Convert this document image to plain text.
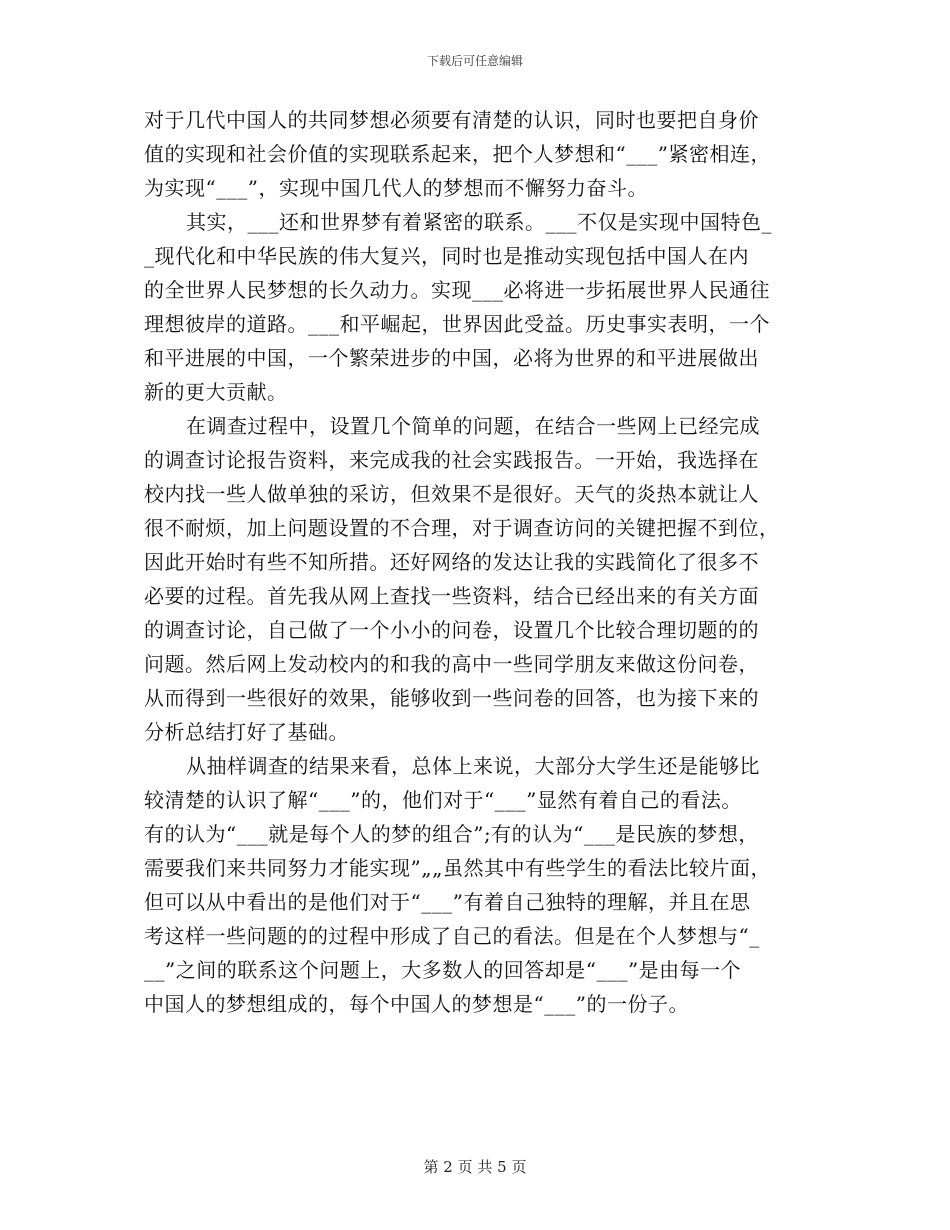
下载后可任意编辑
对于几代中国人的共同梦想必须要有清楚的认识，同时也要把自身价
值的实现和社会价值的实现联系起来，把个人梦想和“___”紧密相连，
为实现“___”，实现中国几代人的梦想而不懈努力奋斗。
其实，___还和世界梦有着紧密的联系。___不仅是实现中国特色_
_现代化和中华民族的伟大复兴，同时也是推动实现包括中国人在内
的全世界人民梦想的长久动力。实现___必将进一步拓展世界人民通往
理想彼岸的道路。___和平崛起，世界因此受益。历史事实表明，一个
和平进展的中国，一个繁荣进步的中国，必将为世界的和平进展做出
新的更大贡献。
在调查过程中，设置几个简单的问题，在结合一些网上已经完成
的调查讨论报告资料，来完成我的社会实践报告。一开始，我选择在
校内找一些人做单独的采访，但效果不是很好。天气的炎热本就让人
很不耐烦，加上问题设置的不合理，对于调查访问的关键把握不到位，
因此开始时有些不知所措。还好网络的发达让我的实践简化了很多不
必要的过程。首先我从网上查找一些资料，结合已经出来的有关方面
的调查讨论，自己做了一个小小的问卷，设置几个比较合理切题的的
问题。然后网上发动校内的和我的高中一些同学朋友来做这份问卷，
从而得到一些很好的效果，能够收到一些问卷的回答，也为接下来的
分析总结打好了基础。
从抽样调查的结果来看，总体上来说，大部分大学生还是能够比
较清楚的认识了解“___”的，他们对于“___”显然有着自己的看法。
有的认为“___就是每个人的梦的组合”;有的认为“___是民族的梦想，
需要我们来共同努力才能实现”„„虽然其中有些学生的看法比较片面，
但可以从中看出的是他们对于“___”有着自己独特的理解，并且在思
考这样一些问题的的过程中形成了自己的看法。但是在个人梦想与“_
__”之间的联系这个问题上，大多数人的回答却是“___”是由每一个
中国人的梦想组成的，每个中国人的梦想是“___”的一份子。
第 2 页 共 5 页
